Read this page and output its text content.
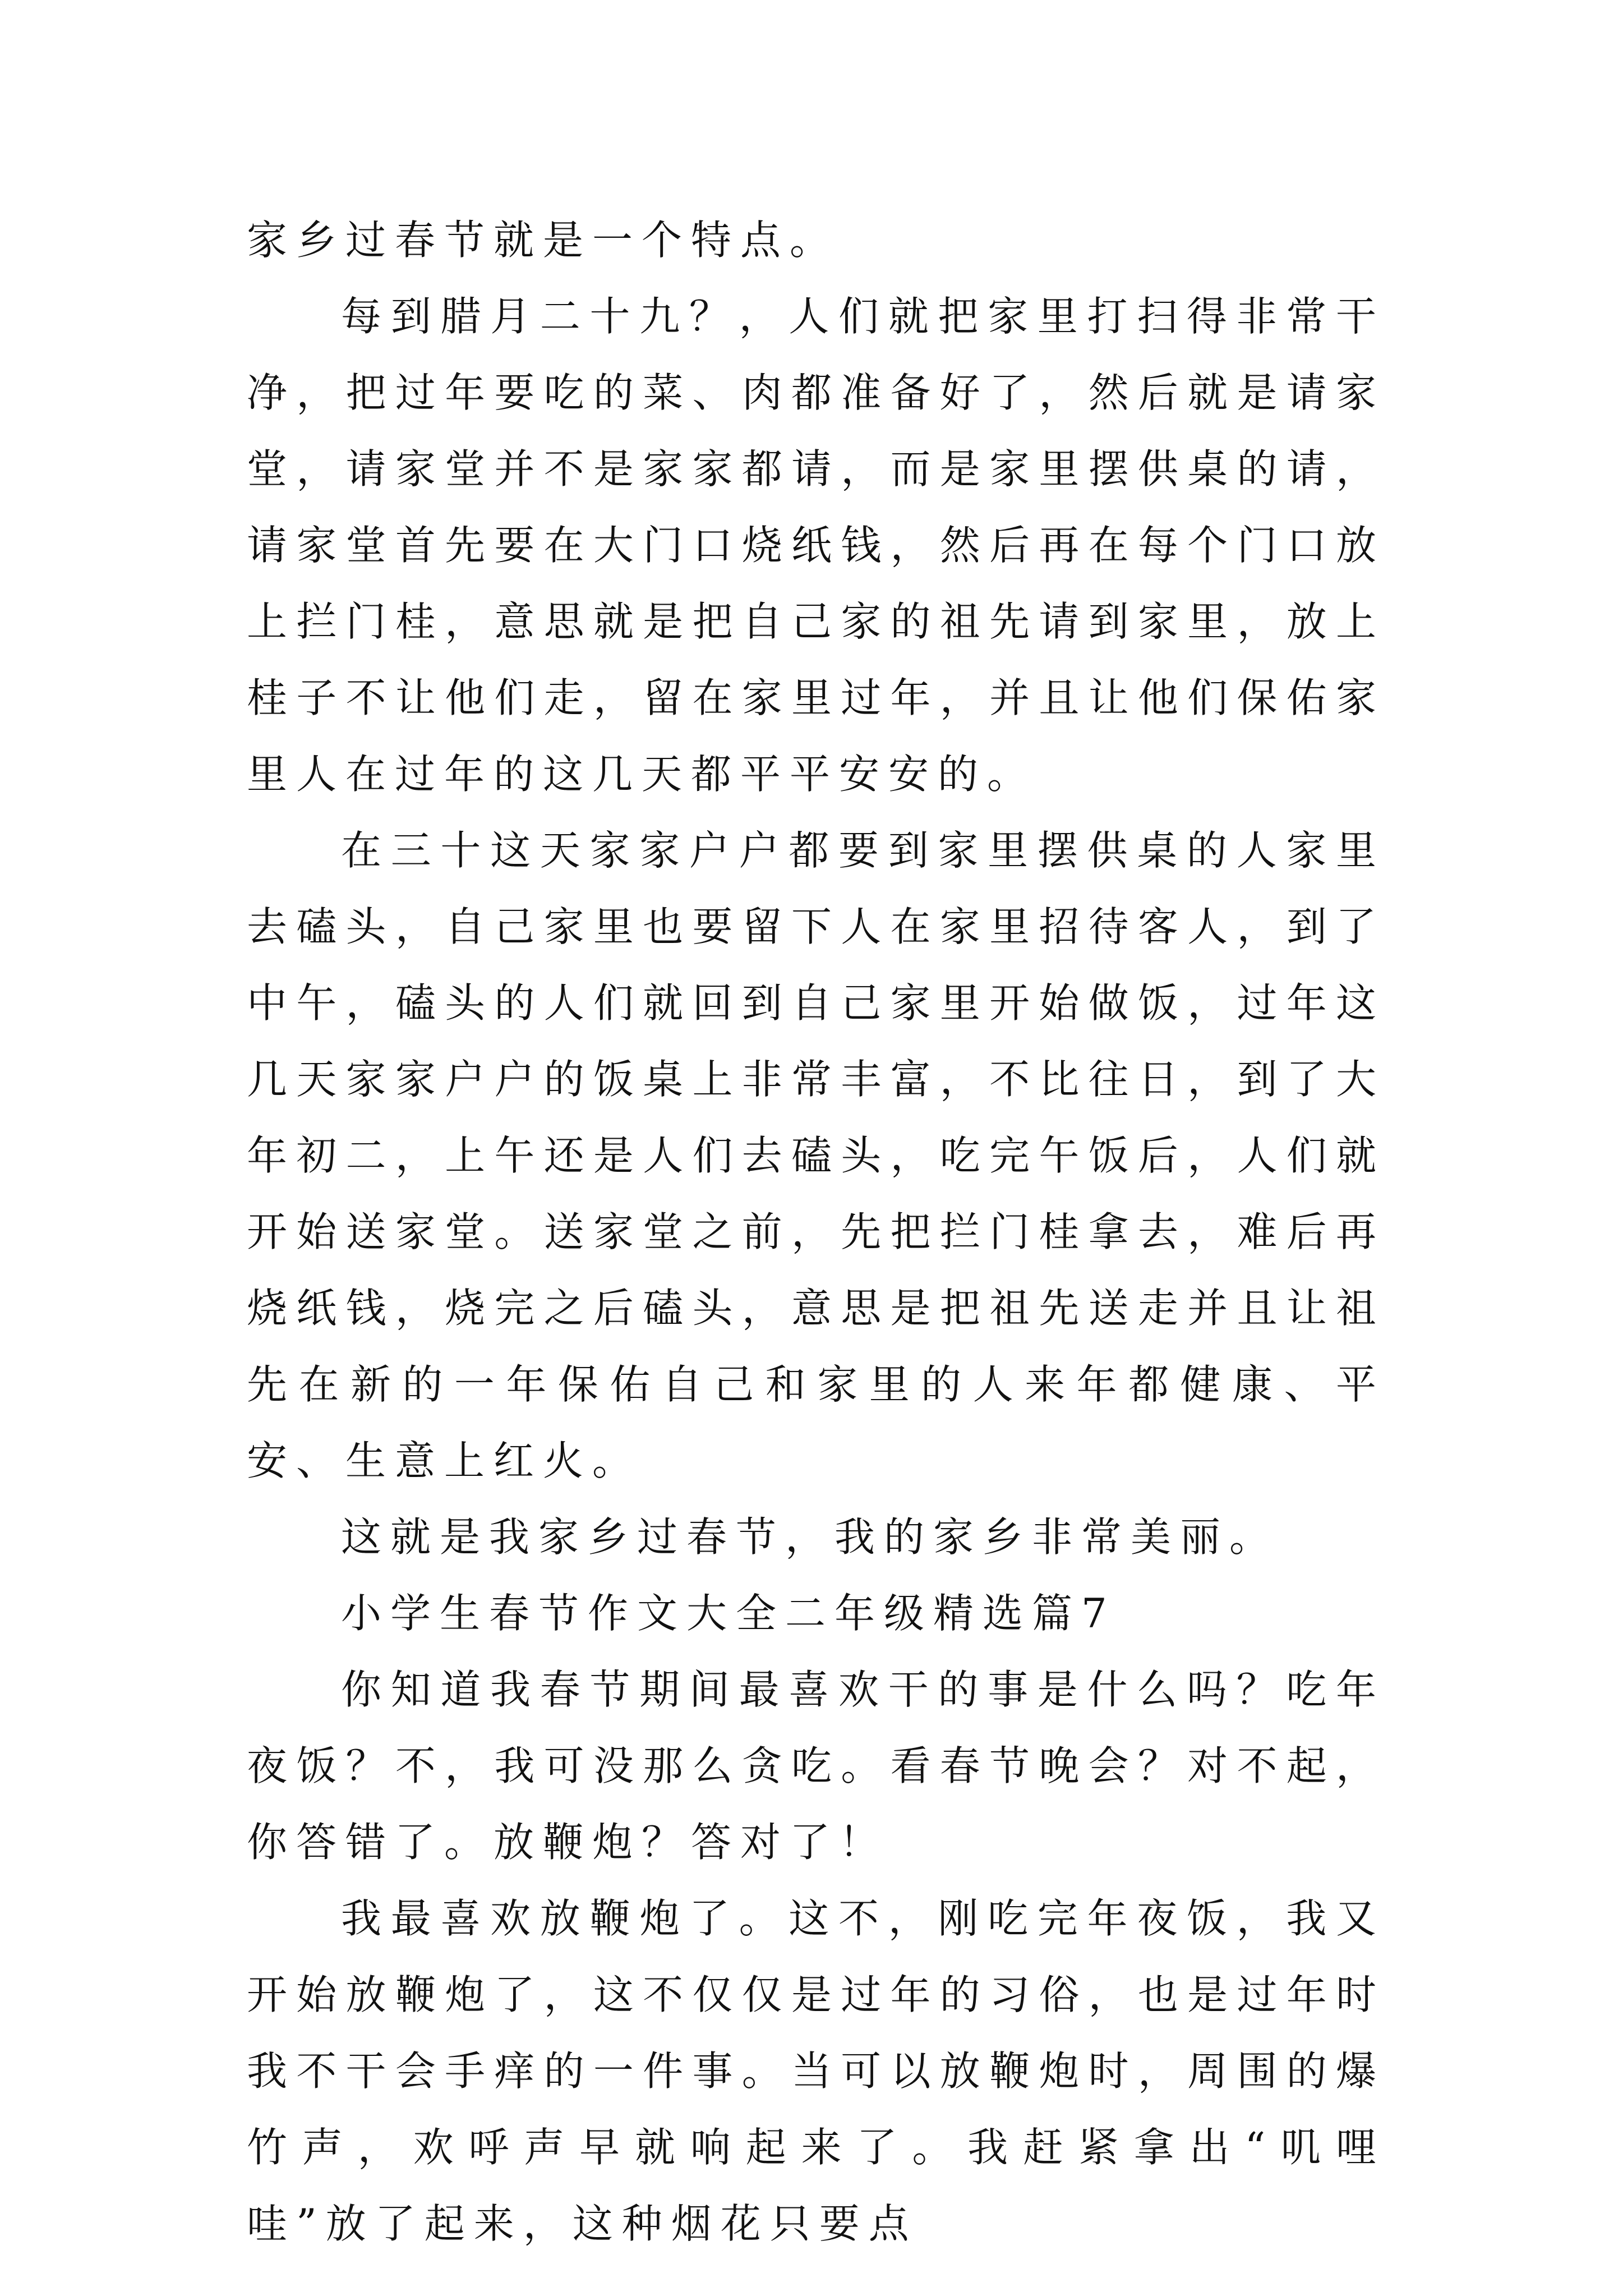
家乡过春节就是一个特点。

每到腊月二十九？，人们就把家里打扫得非常干净，把过年要吃的菜、肉都准备好了，然后就是请家堂，请家堂并不是家家都请，而是家里摆供桌的请，请家堂首先要在大门口烧纸钱，然后再在每个门口放上拦门桂，意思就是把自己家的祖先请到家里，放上桂子不让他们走，留在家里过年，并且让他们保佑家里人在过年的这几天都平平安安的。

在三十这天家家户户都要到家里摆供桌的人家里去磕头，自己家里也要留下人在家里招待客人，到了中午，磕头的人们就回到自己家里开始做饭，过年这几天家家户户的饭桌上非常丰富，不比往日，到了大年初二，上午还是人们去磕头，吃完午饭后，人们就开始送家堂。送家堂之前，先把拦门桂拿去，难后再烧纸钱，烧完之后磕头，意思是把祖先送走并且让祖先在新的一年保佑自己和家里的人来年都健康、平安、生意上红火。

这就是我家乡过春节，我的家乡非常美丽。

小学生春节作文大全二年级精选篇7

你知道我春节期间最喜欢干的事是什么吗？吃年夜饭？不，我可没那么贪吃。看春节晚会？对不起，你答错了。放鞭炮？答对了！

我最喜欢放鞭炮了。这不，刚吃完年夜饭，我又开始放鞭炮了，这不仅仅是过年的习俗，也是过年时我不干会手痒的一件事。当可以放鞭炮时，周围的爆竹声，欢呼声早就响起来了。我赶紧拿出“叽哩哇”放了起来，这种烟花只要点
